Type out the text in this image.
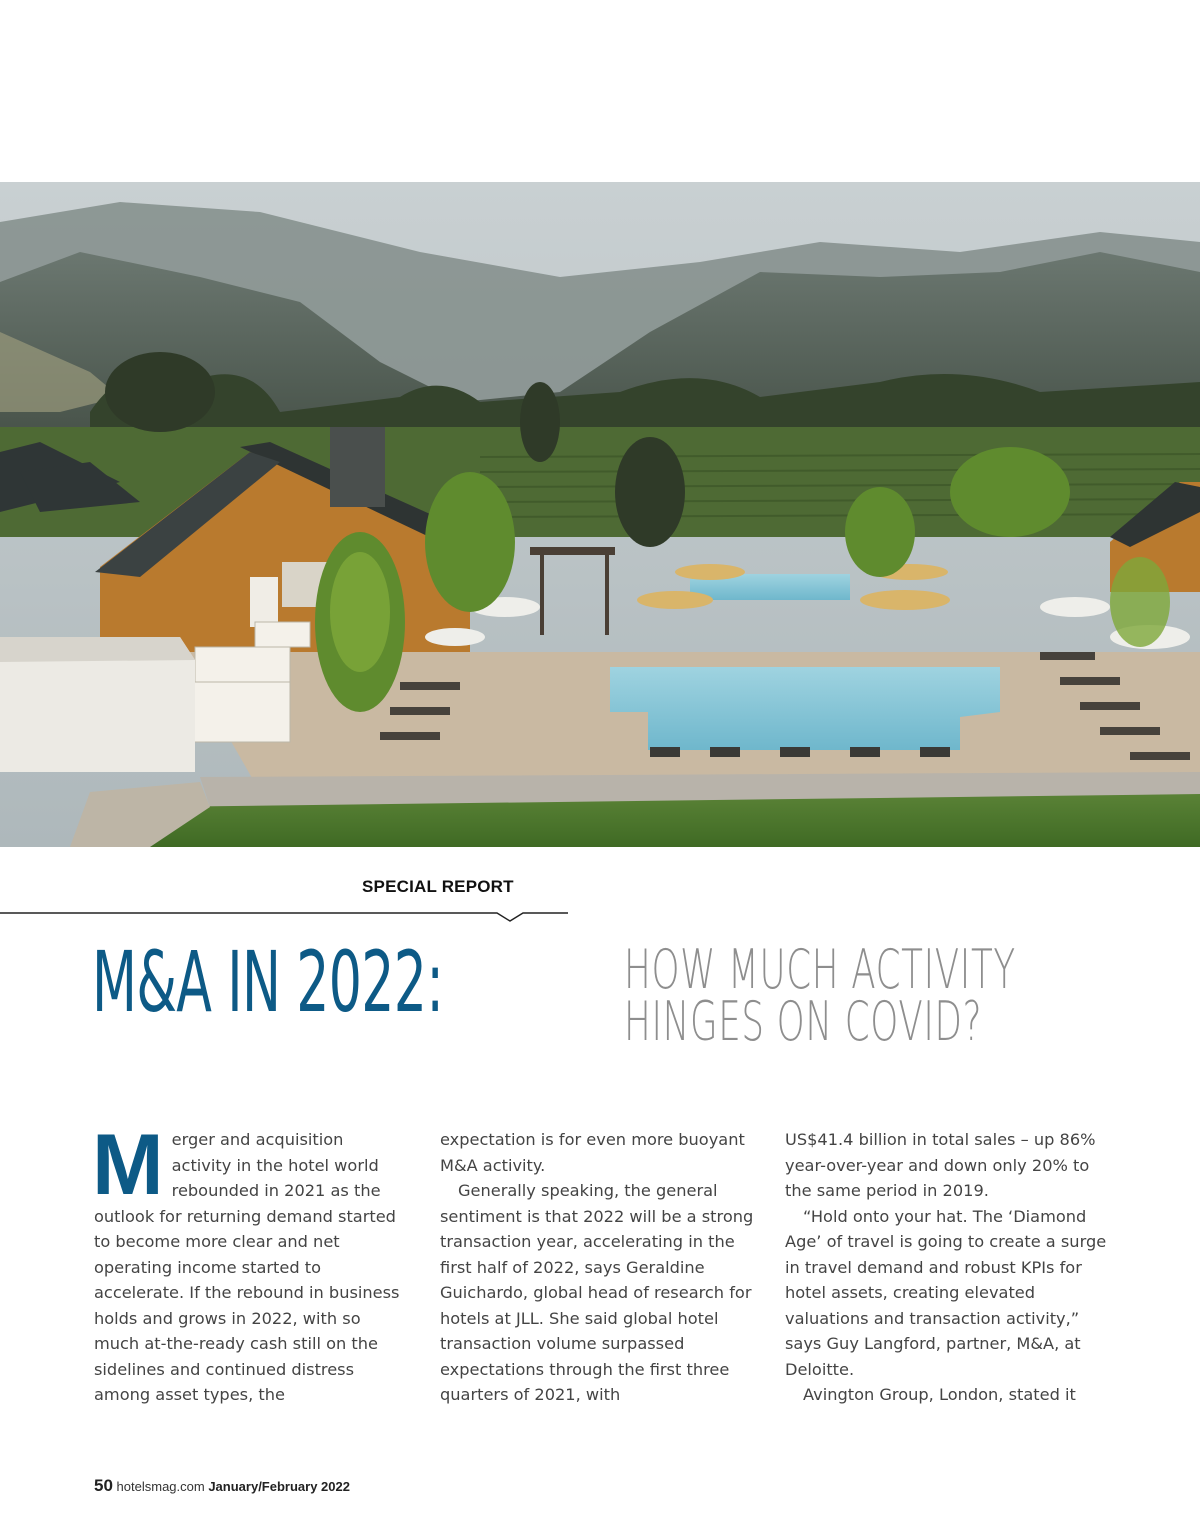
SPECIAL REPORT
M&A IN 2022:	HOW MUCH ACTIVITY
HINGES ON COVID?
M erger and acquisition activity in the hotel world rebounded in 2021 as the outlook for returning demand started to become more clear and net operating income started to accelerate. If the rebound in business holds and grows in 2022, with so much at-the-ready cash still on the sidelines and continued distress among asset types, the

expectation is for even more buoyant M&A activity.

Generally speaking, the general sentiment is that 2022 will be a strong transaction year, accelerating in the first half of 2022, says Geraldine Guichardo, global head of research for hotels at JLL. She said global hotel transaction volume surpassed expectations through the first three quarters of 2021, with

US$41.4 billion in total sales – up 86% year-over-year and down only 20% to the same period in 2019.

“Hold onto your hat. The ‘Diamond Age’ of travel is going to create a surge in travel demand and robust KPIs for hotel assets, creating elevated valuations and transaction activity,” says Guy Langford, partner, M&A, at Deloitte.

Avington Group, London, stated it

50 hotelsmag.com January/February 2022
